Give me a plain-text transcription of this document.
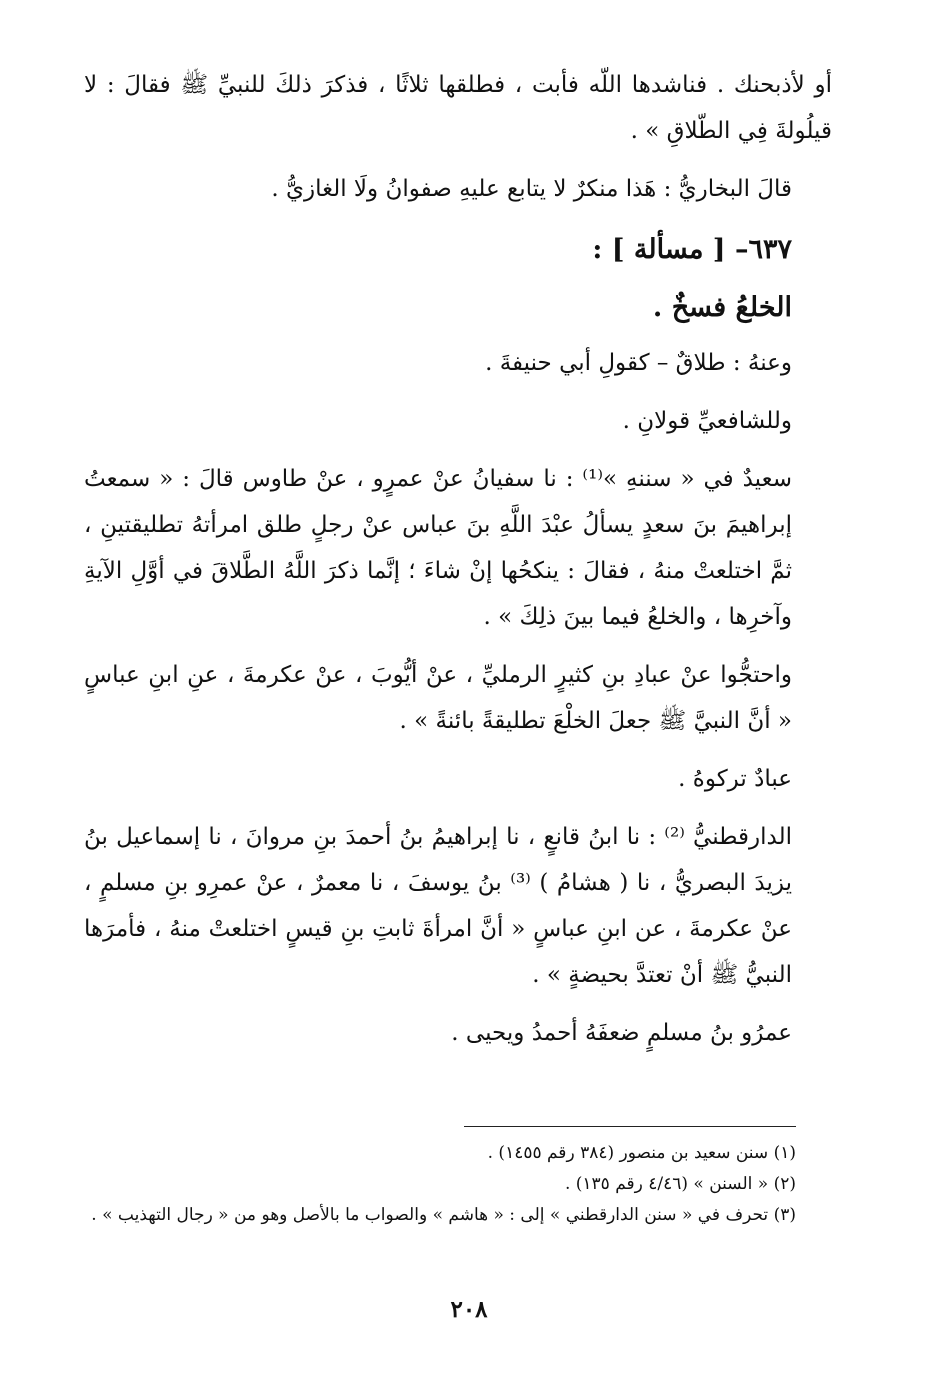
أو لأذبحنك . فناشدها اللّه فأبت ، فطلقها ثلاثًا ، فذكرَ ذلكَ للنبيِّ ﷺ فقالَ : لا قيلُولةَ فِي الطّلاقِ » .

قالَ البخاريُّ : هَذا منكرٌ لا يتابع عليهِ صفوانُ ولَا الغازيُّ .

٦٣٧– [ مسألة ] :

الخلعُ فسخٌ .

وعنهُ : طلاقٌ – كقولِ أبي حنيفةَ .

وللشافعيِّ قولانِ .

سعيدٌ في « سننهِ »⁽¹⁾ : نا سفيانُ عنْ عمرٍو ، عنْ طاوس قالَ : « سمعتُ إبراهيمَ بنَ سعدٍ يسألُ عبْدَ اللَّهِ بنَ عباس عنْ رجلٍ طلق امرأتهُ تطليقتينِ ، ثمَّ اختلعتْ منهُ ، فقالَ : ينكحُها إنْ شاءَ ؛ إنَّما ذكرَ اللَّهُ الطَّلاقَ في أوَّلِ الآيةِ وآخرِها ، والخلعُ فيما بينَ ذلِكَ » .

واحتجُّوا عنْ عبادِ بنِ كثيرٍ الرمليِّ ، عنْ أيُّوبَ ، عنْ عكرمةَ ، عنِ ابنِ عباسٍ « أنَّ النبيَّ ﷺ جعلَ الخلْعَ تطليقةً بائنةً » .

عبادٌ تركوهُ .

الدارقطنيُّ ⁽²⁾ : نا ابنُ قانعٍ ، نا إبراهيمُ بنُ أحمدَ بنِ مروانَ ، نا إسماعيل بنُ يزيدَ البصريُّ ، نا ( هشامُ ) ⁽³⁾ بنُ يوسفَ ، نا معمرٌ ، عنْ عمرِو بنِ مسلمٍ ، عنْ عكرمةَ ، عن ابنِ عباسٍ « أنَّ امرأةَ ثابتِ بنِ قيسٍ اختلعتْ منهُ ، فأمرَها النبيُّ ﷺ أنْ تعتدَّ بحيضةٍ » .

عمرُو بنُ مسلمٍ ضعفَهُ أحمدُ ويحيى .

(١) سنن سعيد بن منصور (٣٨٤ رقم ١٤٥٥) .

(٢) « السنن » (٤/٤٦ رقم ١٣٥) .

(٣) تحرف في « سنن الدارقطني » إلى : « هاشم » والصواب ما بالأصل وهو من « رجال التهذيب » .

٢٠٨
